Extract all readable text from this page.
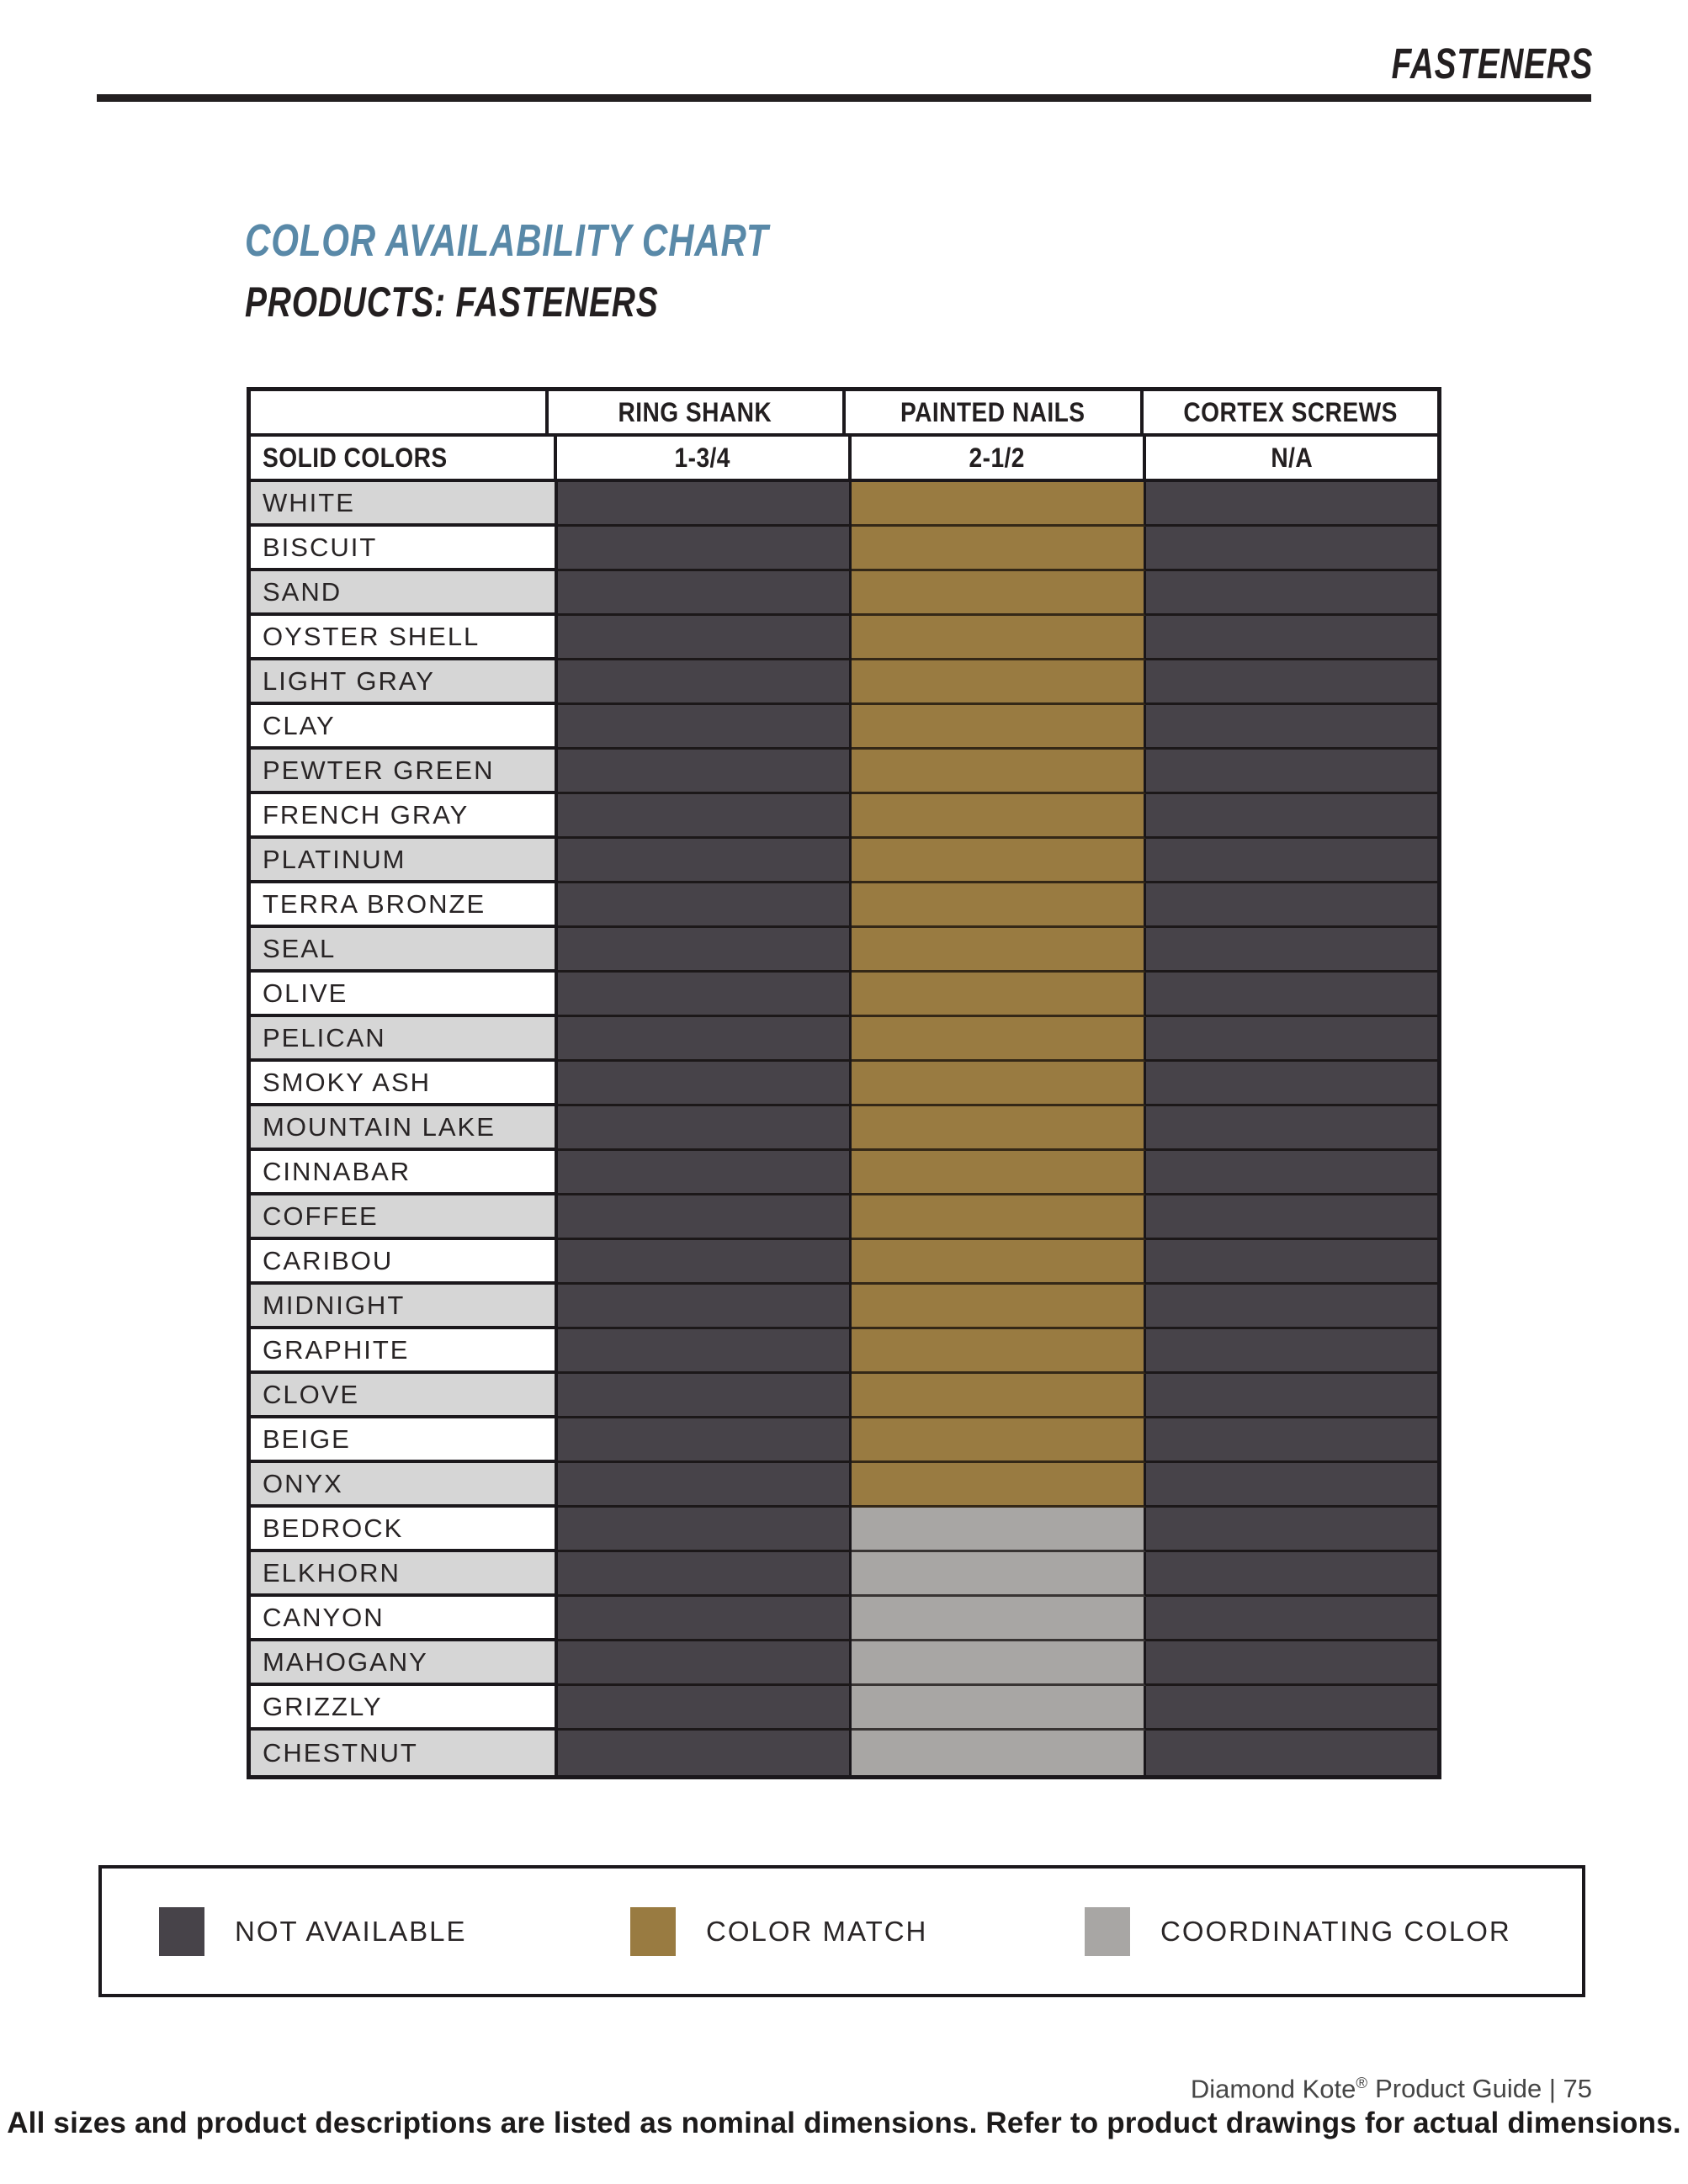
FASTENERS
COLOR AVAILABILITY CHART
PRODUCTS: FASTENERS
RING SHANK	PAINTED NAILS	CORTEX SCREWS
SOLID COLORS	1-3/4	2-1/2	N/A
WHITE
BISCUIT
SAND
OYSTER SHELL
LIGHT GRAY
CLAY
PEWTER GREEN
FRENCH GRAY
PLATINUM
TERRA BRONZE
SEAL
OLIVE
PELICAN
SMOKY ASH
MOUNTAIN LAKE
CINNABAR
COFFEE
CARIBOU
MIDNIGHT
GRAPHITE
CLOVE
BEIGE
ONYX
BEDROCK
ELKHORN
CANYON
MAHOGANY
GRIZZLY
CHESTNUT
NOT AVAILABLE	COLOR MATCH	COORDINATING COLOR
Diamond Kote® Product Guide | 75
All sizes and product descriptions are listed as nominal dimensions. Refer to product drawings for actual dimensions.
